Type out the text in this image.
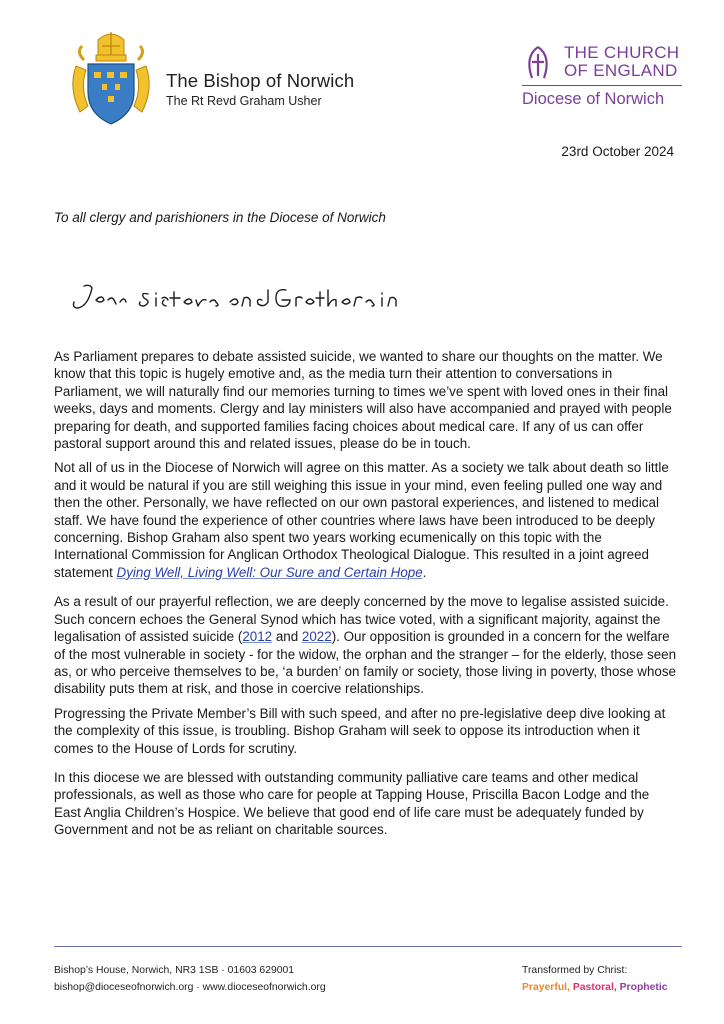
The Bishop of Norwich
The Rt Revd Graham Usher
THE CHURCH
OF ENGLAND
Diocese of Norwich
23rd October 2024
To all clergy and parishioners in the Diocese of Norwich

As Parliament prepares to debate assisted suicide, we wanted to share our thoughts on the matter. We know that this topic is hugely emotive and, as the media turn their attention to conversations in Parliament, we will naturally find our memories turning to times we’ve spent with loved ones in their final weeks, days and moments. Clergy and lay ministers will also have accompanied and prayed with people preparing for death, and supported families facing choices about medical care. If any of us can offer pastoral support around this and related issues, please do be in touch.

Not all of us in the Diocese of Norwich will agree on this matter. As a society we talk about death so little and it would be natural if you are still weighing this issue in your mind, even feeling pulled one way and then the other. Personally, we have reflected on our own pastoral experiences, and listened to medical staff. We have found the experience of other countries where laws have been introduced to be deeply concerning. Bishop Graham also spent two years working ecumenically on this topic with the International Commission for Anglican Orthodox Theological Dialogue. This resulted in a joint agreed statement Dying Well, Living Well: Our Sure and Certain Hope.

As a result of our prayerful reflection, we are deeply concerned by the move to legalise assisted suicide. Such concern echoes the General Synod which has twice voted, with a significant majority, against the legalisation of assisted suicide (2012 and 2022). Our opposition is grounded in a concern for the welfare of the most vulnerable in society - for the widow, the orphan and the stranger – for the elderly, those seen as, or who perceive themselves to be, ‘a burden’ on family or society, those living in poverty, those whose disability puts them at risk, and those in coercive relationships.

Progressing the Private Member’s Bill with such speed, and after no pre-legislative deep dive looking at the complexity of this issue, is troubling. Bishop Graham will seek to oppose its introduction when it comes to the House of Lords for scrutiny.

In this diocese we are blessed with outstanding community palliative care teams and other medical professionals, as well as those who care for people at Tapping House, Priscilla Bacon Lodge and the East Anglia Children’s Hospice. We believe that good end of life care must be adequately funded by Government and not be as reliant on charitable sources.

Bishop’s House, Norwich, NR3 1SB · 01603 629001
bishop@dioceseofnorwich.org · www.dioceseofnorwich.org
Transformed by Christ:
Prayerful, Pastoral, Prophetic
